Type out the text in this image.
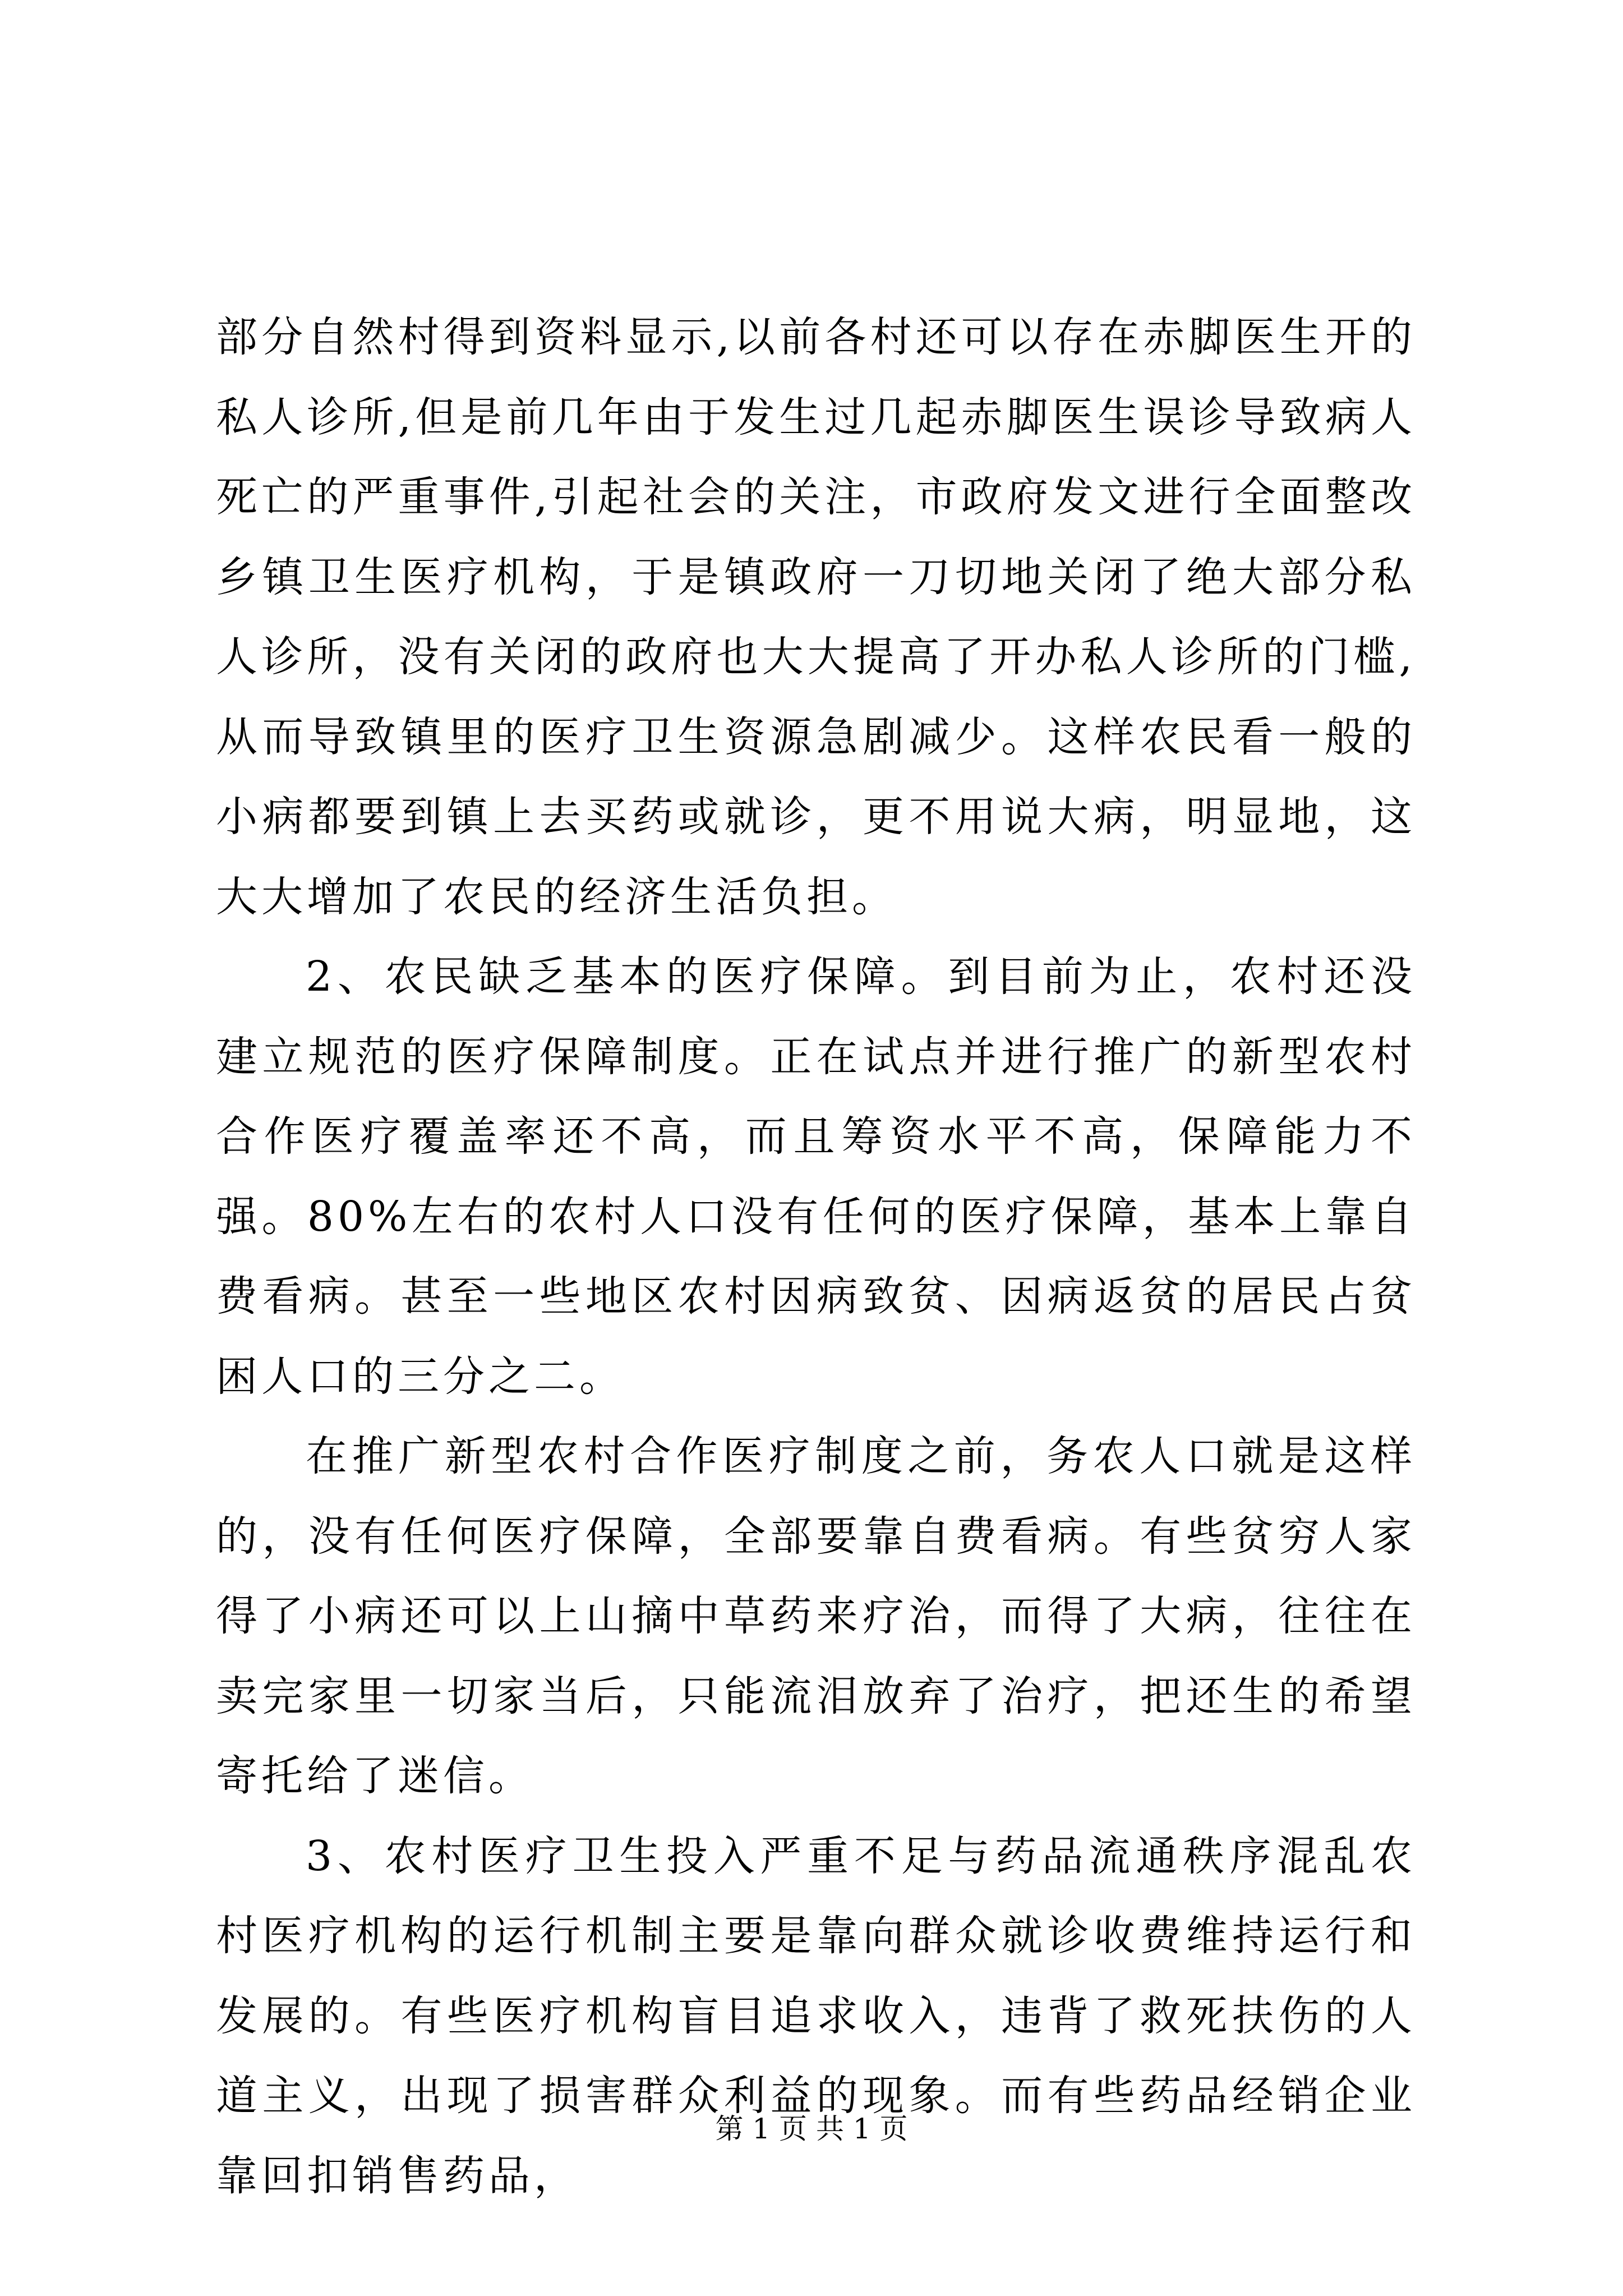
部分自然村得到资料显示,以前各村还可以存在赤脚医生开的私人诊所,但是前几年由于发生过几起赤脚医生误诊导致病人死亡的严重事件,引起社会的关注，市政府发文进行全面整改乡镇卫生医疗机构，于是镇政府一刀切地关闭了绝大部分私人诊所，没有关闭的政府也大大提高了开办私人诊所的门槛,从而导致镇里的医疗卫生资源急剧减少。这样农民看一般的小病都要到镇上去买药或就诊，更不用说大病，明显地，这大大增加了农民的经济生活负担。

2、农民缺乏基本的医疗保障。到目前为止，农村还没建立规范的医疗保障制度。正在试点并进行推广的新型农村合作医疗覆盖率还不高，而且筹资水平不高，保障能力不强。80%左右的农村人口没有任何的医疗保障，基本上靠自费看病。甚至一些地区农村因病致贫、因病返贫的居民占贫困人口的三分之二。

在推广新型农村合作医疗制度之前，务农人口就是这样的，没有任何医疗保障，全部要靠自费看病。有些贫穷人家得了小病还可以上山摘中草药来疗治，而得了大病，往往在卖完家里一切家当后，只能流泪放弃了治疗，把还生的希望寄托给了迷信。

3、农村医疗卫生投入严重不足与药品流通秩序混乱农村医疗机构的运行机制主要是靠向群众就诊收费维持运行和发展的。有些医疗机构盲目追求收入，违背了救死扶伤的人道主义，出现了损害群众利益的现象。而有些药品经销企业靠回扣销售药品，

第 1 页 共 1 页
